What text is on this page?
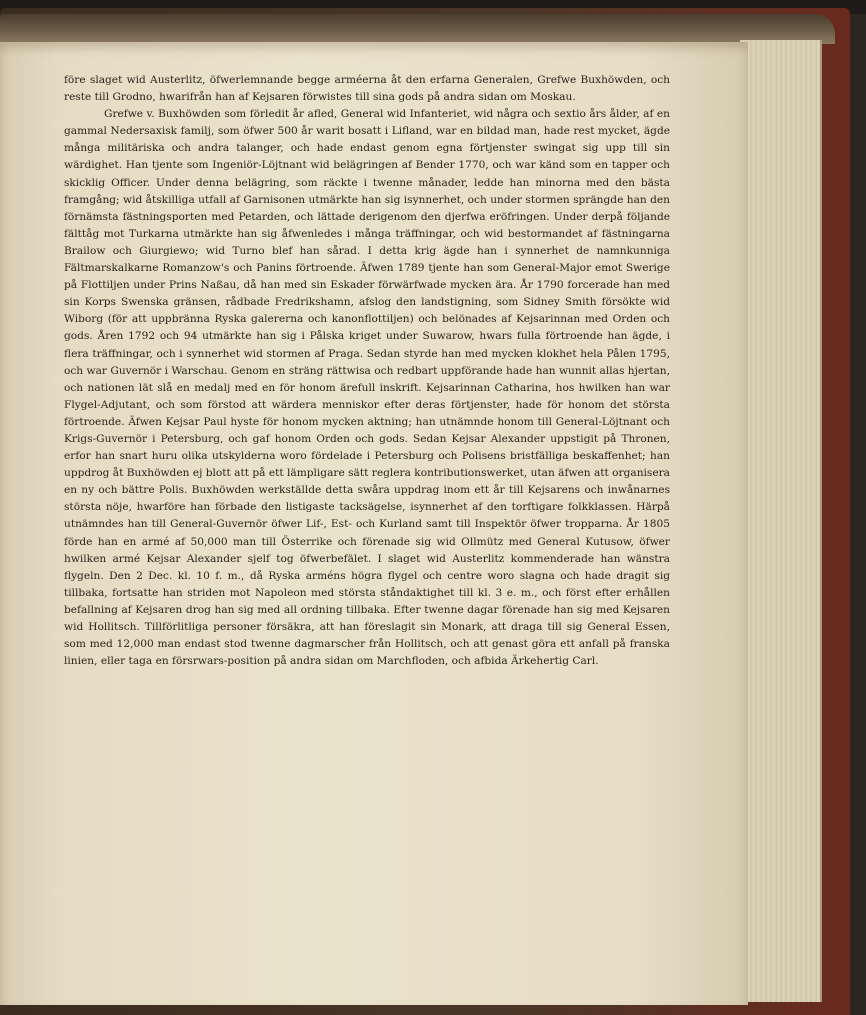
före slaget wid Austerlitz, öfwerlemnande begge arméerna åt den erfarna Generalen, Grefwe Buxhöwden, och reste till Grodno, hwarifrån han af Kejsaren förwistes till sina gods på andra sidan om Moskau.

Grefwe v. Buxhöwden som förledit år afled, General wid Infanteriet, wid några och sextio års ålder, af en gammal Nedersaxisk familj, som öfwer 500 år warit bosatt i Lifland, war en bildad man, hade rest mycket, ägde många militäriska och andra talanger, och hade endast genom egna förtjenster swingat sig upp till sin wärdighet. Han tjente som Ingeniör-Löjtnant wid belägringen af Bender 1770, och war känd som en tapper och skicklig Officer. Under denna belägring, som räckte i twenne månader, ledde han minorna med den bästa framgång; wid åtskilliga utfall af Garnisonen utmärkte han sig isynnerhet, och under stormen sprängde han den förnämsta fästningsporten med Petarden, och lättade derigenom den djerfwa eröfringen. Under derpå följande fälttåg mot Turkarna utmärkte han sig åfwenledes i många träffningar, och wid bestormandet af fästningarna Brailow och Giurgiewo; wid Turno blef han sårad. I detta krig ägde han i synnerhet de namnkunniga Fältmarskalkarne Romanzow's och Panins förtroende. Äfwen 1789 tjente han som General-Major emot Swerige på Flottiljen under Prins Naßau, då han med sin Eskader förwärfwade mycken ära. År 1790 forcerade han med sin Korps Swenska gränsen, rådbade Fredrikshamn, afslog den landstigning, som Sidney Smith försökte wid Wiborg (för att uppbränna Ryska galererna och kanonflottiljen) och belönades af Kejsarinnan med Orden och gods. Åren 1792 och 94 utmärkte han sig i Pålska kriget under Suwarow, hwars fulla förtroende han ägde, i flera träffningar, och i synnerhet wid stormen af Praga. Sedan styrde han med mycken klokhet hela Pålen 1795, och war Guvernör i Warschau. Genom en sträng rättwisa och redbart uppförande hade han wunnit allas hjertan, och nationen lät slå en medalj med en för honom ärefull inskrift. Kejsarinnan Catharina, hos hwilken han war Flygel-Adjutant, och som förstod att wärdera menniskor efter deras förtjenster, hade för honom det största förtroende. Äfwen Kejsar Paul hyste för honom mycken aktning; han utnämnde honom till General-Löjtnant och Krigs-Guvernör i Petersburg, och gaf honom Orden och gods. Sedan Kejsar Alexander uppstigit på Thronen, erfor han snart huru olika utskylderna woro fördelade i Petersburg och Polisens bristfälliga beskaffenhet; han uppdrog åt Buxhöwden ej blott att på ett lämpligare sätt reglera kontributionswerket, utan äfwen att organisera en ny och bättre Polis. Buxhöwden werkställde detta swåra uppdrag inom ett år till Kejsarens och inwånarnes största nöje, hwarföre han förbade den listigaste tacksägelse, isynnerhet af den torftigare folkklassen. Härpå utnämndes han till General-Guvernör öfwer Lif-, Est- och Kurland samt till Inspektör öfwer tropparna. År 1805 förde han en armé af 50,000 man till Österrike och förenade sig wid Ollmütz med General Kutusow, öfwer hwilken armé Kejsar Alexander sjelf tog öfwerbefälet. I slaget wid Austerlitz kommenderade han wänstra flygeln. Den 2 Dec. kl. 10 f. m., då Ryska arméns högra flygel och centre woro slagna och hade dragit sig tillbaka, fortsatte han striden mot Napoleon med största ståndaktighet till kl. 3 e. m., och först efter erhållen befallning af Kejsaren drog han sig med all ordning tillbaka. Efter twenne dagar förenade han sig med Kejsaren wid Hollitsch. Tillförlitliga personer försäkra, att han föreslagit sin Monark, att draga till sig General Essen, som med 12,000 man endast stod twenne dagmarscher från Hollitsch, och att genast göra ett anfall på franska linien, eller taga en försrwars-position på andra sidan om Marchfloden, och afbida Ärkehertig Carl.
